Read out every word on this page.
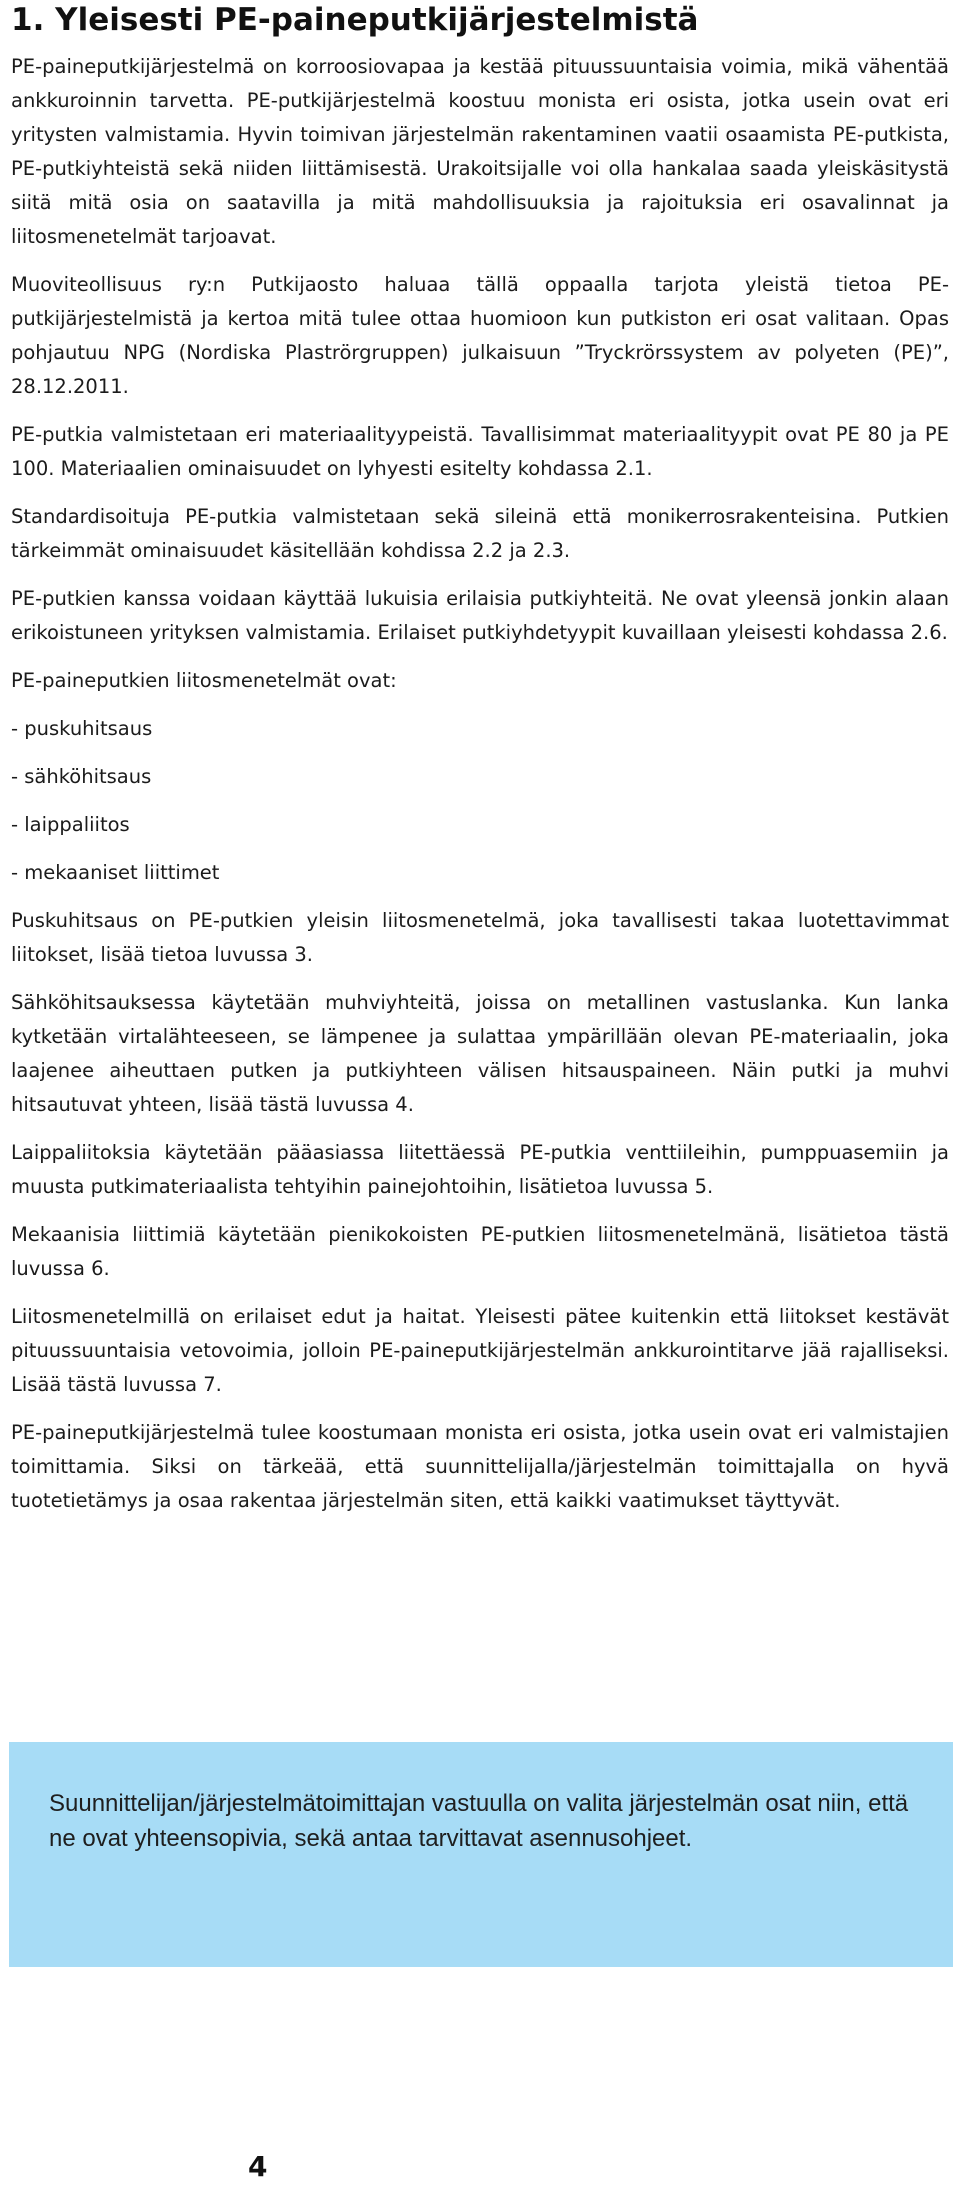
1. Yleisesti PE-paineputkijärjestelmistä

PE-paineputkijärjestelmä on korroosiovapaa ja kestää pituussuuntaisia voimia, mikä vähentää ankkuroinnin tarvetta. PE-putkijärjestelmä koostuu monista eri osista, jotka usein ovat eri yritysten valmistamia. Hyvin toimivan järjestelmän rakentaminen vaatii osaamista PE-putkista, PE-putkiyhteistä sekä niiden liittämisestä. Urakoitsijalle voi olla hankalaa saada yleiskäsitystä siitä mitä osia on saatavilla ja mitä mahdollisuuksia ja rajoituksia eri osavalinnat ja liitosmenetelmät tarjoavat.

Muoviteollisuus ry:n Putkijaosto haluaa tällä oppaalla tarjota yleistä tietoa PE-putkijärjestelmistä ja kertoa mitä tulee ottaa huomioon kun putkiston eri osat valitaan. Opas pohjautuu NPG (Nordiska Plaströrgruppen) julkaisuun ”Tryckrörssystem av polyeten (PE)”, 28.12.2011.

PE-putkia valmistetaan eri materiaalityypeistä. Tavallisimmat materiaalityypit ovat PE 80 ja PE 100. Materiaalien ominaisuudet on lyhyesti esitelty kohdassa 2.1.

Standardisoituja PE-putkia valmistetaan sekä sileinä että monikerrosrakenteisina. Putkien tärkeimmät ominaisuudet käsitellään kohdissa 2.2 ja 2.3.

PE-putkien kanssa voidaan käyttää lukuisia erilaisia putkiyhteitä. Ne ovat yleensä jonkin alaan erikoistuneen yrityksen valmistamia. Erilaiset putkiyhdetyypit kuvaillaan yleisesti kohdassa 2.6.

PE-paineputkien liitosmenetelmät ovat:

- puskuhitsaus

- sähköhitsaus

- laippaliitos

- mekaaniset liittimet

Puskuhitsaus on PE-putkien yleisin liitosmenetelmä, joka tavallisesti takaa luotettavimmat liitokset, lisää tietoa luvussa 3.

Sähköhitsauksessa käytetään muhviyhteitä, joissa on metallinen vastuslanka. Kun lanka kytketään virtalähteeseen, se lämpenee ja sulattaa ympärillään olevan PE-materiaalin, joka laajenee aiheuttaen putken ja putkiyhteen välisen hitsauspaineen. Näin putki ja muhvi hitsautuvat yhteen, lisää tästä luvussa 4.

Laippaliitoksia käytetään pääasiassa liitettäessä PE-putkia venttiileihin, pumppuasemiin ja muusta putkimateriaalista tehtyihin painejohtoihin, lisätietoa luvussa 5.

Mekaanisia liittimiä käytetään pienikokoisten PE-putkien liitosmenetelmänä, lisätietoa tästä luvussa 6.

Liitosmenetelmillä on erilaiset edut ja haitat. Yleisesti pätee kuitenkin että liitokset kestävät pituussuuntaisia vetovoimia, jolloin PE-paineputkijärjestelmän ankkurointitarve jää rajalliseksi. Lisää tästä luvussa 7.

PE-paineputkijärjestelmä tulee koostumaan monista eri osista, jotka usein ovat eri valmistajien toimittamia. Siksi on tärkeää, että suunnittelijalla/järjestelmän toimittajalla on hyvä tuotetietämys ja osaa rakentaa järjestelmän siten, että kaikki vaatimukset täyttyvät.

Suunnittelijan/järjestelmätoimittajan vastuulla on valita järjestelmän osat niin, että ne ovat yhteensopivia, sekä antaa tarvittavat asennusohjeet.

4
